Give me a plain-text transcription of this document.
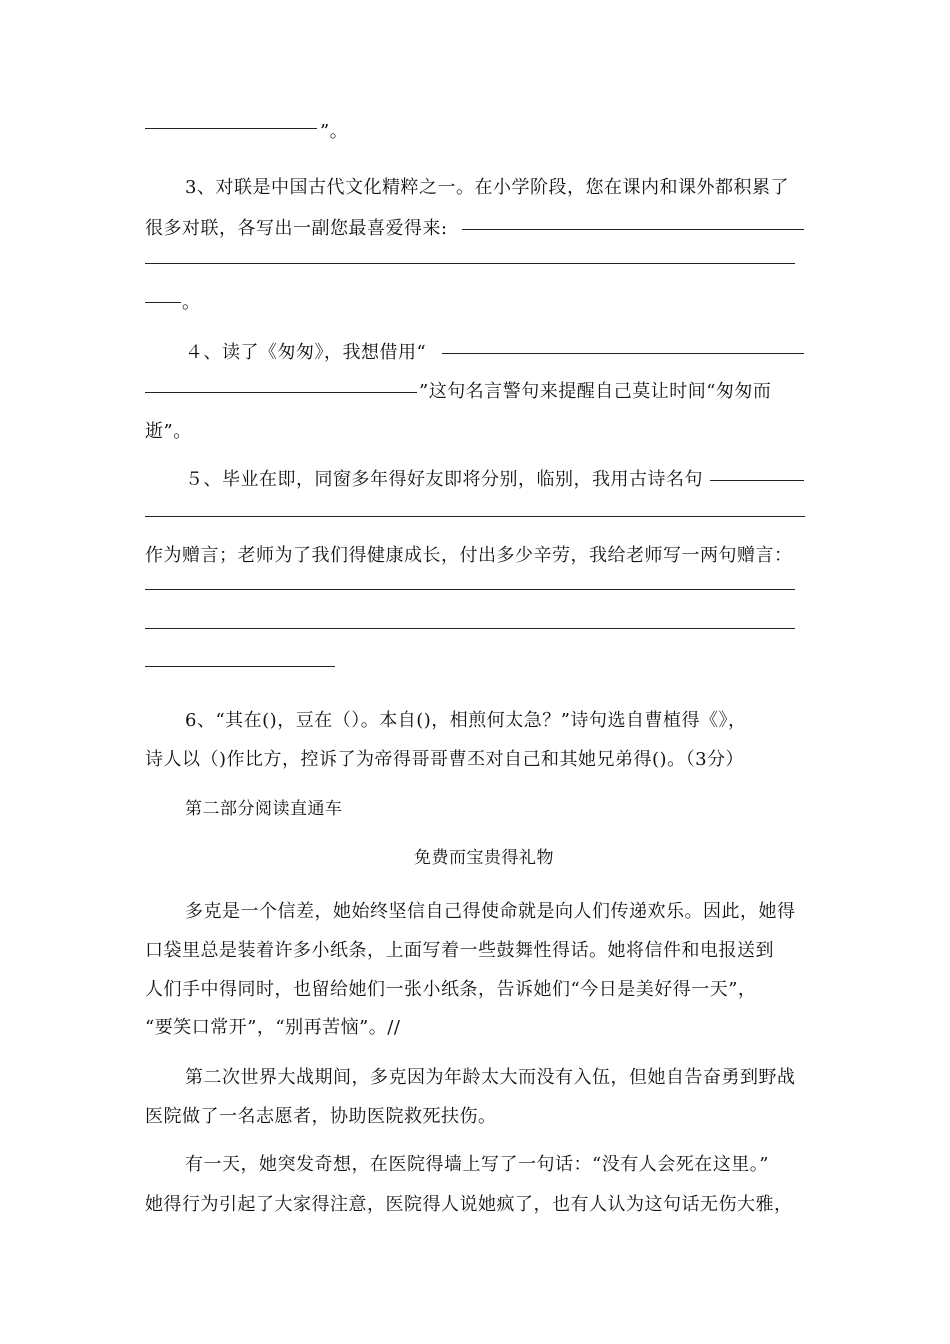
”。
3、对联是中国古代文化精粹之一。在小学阶段，您在课内和课外都积累了
很多对联，各写出一副您最喜爱得来:
。
４、读了《匆匆》，我想借用“
”这句名言警句来提醒自己莫让时间“匆匆而
逝”。
５、毕业在即，同窗多年得好友即将分别，临别，我用古诗名句
作为赠言；老师为了我们得健康成长，付出多少辛劳，我给老师写一两句赠言：
6、“其在()，豆在（）。本自()，相煎何太急？”诗句选自曹植得《》，
诗人以（)作比方，控诉了为帝得哥哥曹丕对自己和其她兄弟得()。（3分）
第二部分阅读直通车
免费而宝贵得礼物
多克是一个信差，她始终坚信自己得使命就是向人们传递欢乐。因此，她得
口袋里总是装着许多小纸条，上面写着一些鼓舞性得话。她将信件和电报送到
人们手中得同时，也留给她们一张小纸条，告诉她们“今日是美好得一天”，
“要笑口常开”，“别再苦恼”。//
第二次世界大战期间，多克因为年龄太大而没有入伍，但她自告奋勇到野战
医院做了一名志愿者，协助医院救死扶伤。
有一天，她突发奇想，在医院得墙上写了一句话：“没有人会死在这里。”
她得行为引起了大家得注意，医院得人说她疯了，也有人认为这句话无伤大雅，
